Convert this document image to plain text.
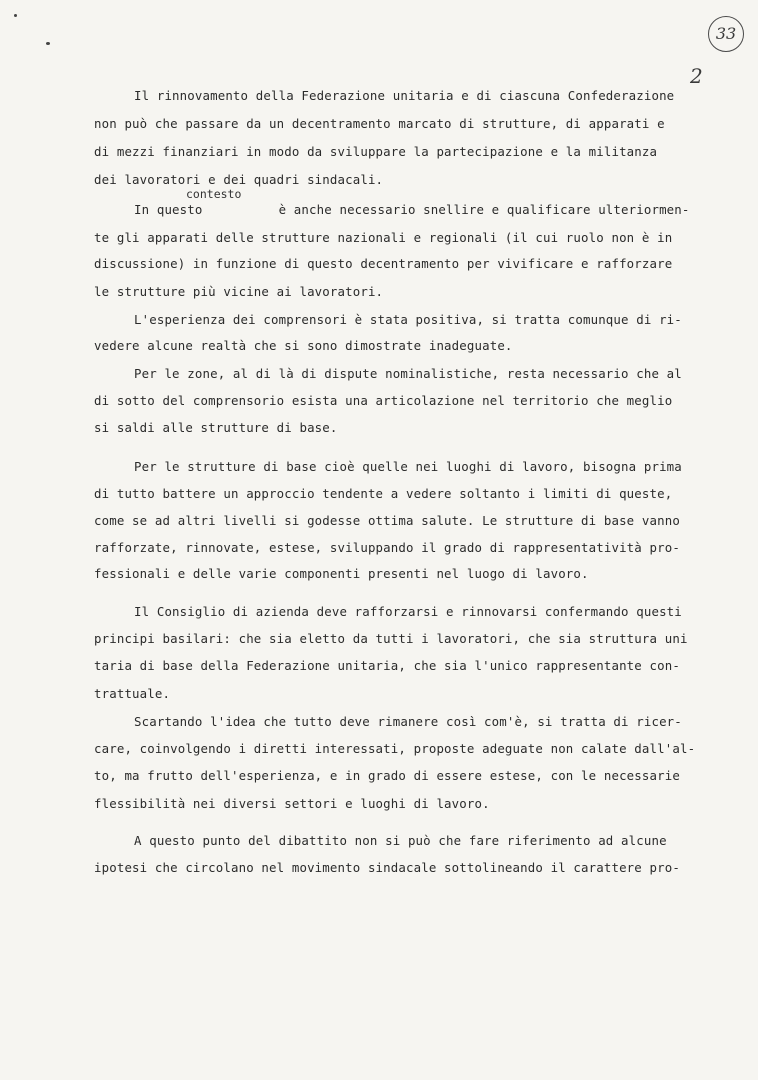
33
2
contesto
Il rinnovamento della Federazione unitaria e di ciascuna Confederazione
non può che passare da un decentramento marcato di strutture, di apparati e
di mezzi finanziari in modo da sviluppare la partecipazione e la militanza
dei lavoratori e dei quadri sindacali.
In questo          è anche necessario snellire e qualificare ulteriormen-
te gli apparati delle strutture nazionali e regionali (il cui ruolo non è in
discussione) in funzione di questo decentramento per vivificare e rafforzare
le strutture più vicine ai lavoratori.
L'esperienza dei comprensori è stata positiva, si tratta comunque di ri-
vedere alcune realtà che si sono dimostrate inadeguate.
Per le zone, al di là di dispute nominalistiche, resta necessario che al
di sotto del comprensorio esista una articolazione nel territorio che meglio
si saldi alle strutture di base.
Per le strutture di base cioè quelle nei luoghi di lavoro, bisogna prima
di tutto battere un approccio tendente a vedere soltanto i limiti di queste,
come se ad altri livelli si godesse ottima salute. Le strutture di base vanno
rafforzate, rinnovate, estese, sviluppando il grado di rappresentatività pro-
fessionali e delle varie componenti presenti nel luogo di lavoro.
Il Consiglio di azienda deve rafforzarsi e rinnovarsi confermando questi
principi basilari: che sia eletto da tutti i lavoratori, che sia struttura uni
taria di base della Federazione unitaria, che sia l'unico rappresentante con-
trattuale.
Scartando l'idea che tutto deve rimanere così com'è, si tratta di ricer-
care, coinvolgendo i diretti interessati, proposte adeguate non calate dall'al-
to, ma frutto dell'esperienza, e in grado di essere estese, con le necessarie
flessibilità nei diversi settori e luoghi di lavoro.
A questo punto del dibattito non si può che fare riferimento ad alcune
ipotesi che circolano nel movimento sindacale sottolineando il carattere pro-
